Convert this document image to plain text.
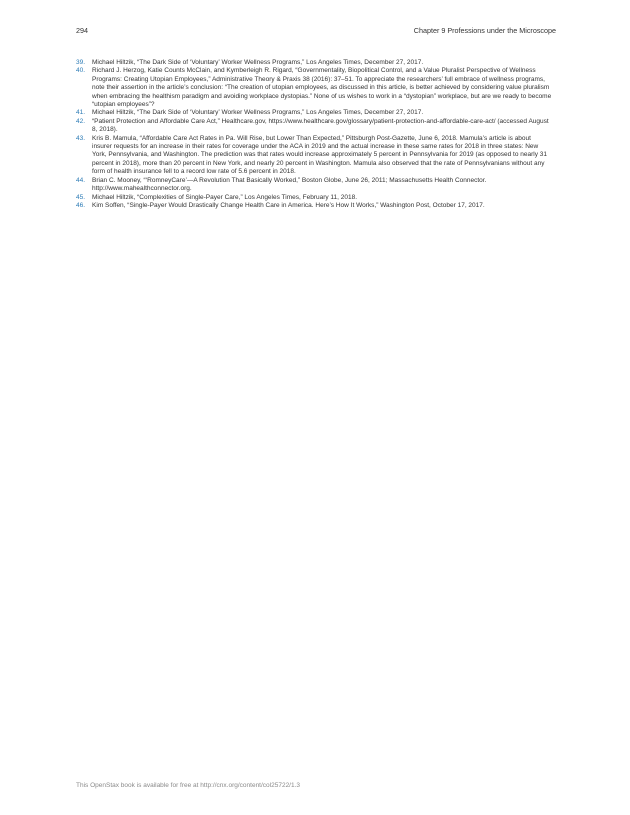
294	Chapter 9 Professions under the Microscope
39. Michael Hiltzik, “The Dark Side of ‘Voluntary’ Worker Wellness Programs,” Los Angeles Times, December 27, 2017.
40. Richard J. Herzog, Katie Counts McClain, and Kymberleigh R. Rigard, “Governmentality, Biopolitical Control, and a Value Pluralist Perspective of Wellness Programs: Creating Utopian Employees,” Administrative Theory & Praxis 38 (2016): 37–51. To appreciate the researchers’ full embrace of wellness programs, note their assertion in the article’s conclusion: “The creation of utopian employees, as discussed in this article, is better achieved by considering value pluralism when embracing the healthism paradigm and avoiding workplace dystopias.” None of us wishes to work in a “dystopian” workplace, but are we ready to become “utopian employees”?
41. Michael Hiltzik, “The Dark Side of ‘Voluntary’ Worker Wellness Programs,” Los Angeles Times, December 27, 2017.
42. “Patient Protection and Affordable Care Act,” Healthcare.gov, https://www.healthcare.gov/glossary/patient-protection-and-affordable-care-act/ (accessed August 8, 2018).
43. Kris B. Mamula, “Affordable Care Act Rates in Pa. Will Rise, but Lower Than Expected,” Pittsburgh Post-Gazette, June 6, 2018. Mamula’s article is about insurer requests for an increase in their rates for coverage under the ACA in 2019 and the actual increase in these same rates for 2018 in three states: New York, Pennsylvania, and Washington. The prediction was that rates would increase approximately 5 percent in Pennsylvania for 2019 (as opposed to nearly 31 percent in 2018), more than 20 percent in New York, and nearly 20 percent in Washington. Mamula also observed that the rate of Pennsylvanians without any form of health insurance fell to a record low rate of 5.6 percent in 2018.
44. Brian C. Mooney, “‘RomneyCare’—A Revolution That Basically Worked,” Boston Globe, June 26, 2011; Massachusetts Health Connector. http://www.mahealthconnector.org.
45. Michael Hiltzik, “Complexities of Single-Payer Care,” Los Angeles Times, February 11, 2018.
46. Kim Soffen, “Single-Payer Would Drastically Change Health Care in America. Here’s How It Works,” Washington Post, October 17, 2017.
This OpenStax book is available for free at http://cnx.org/content/col25722/1.3
